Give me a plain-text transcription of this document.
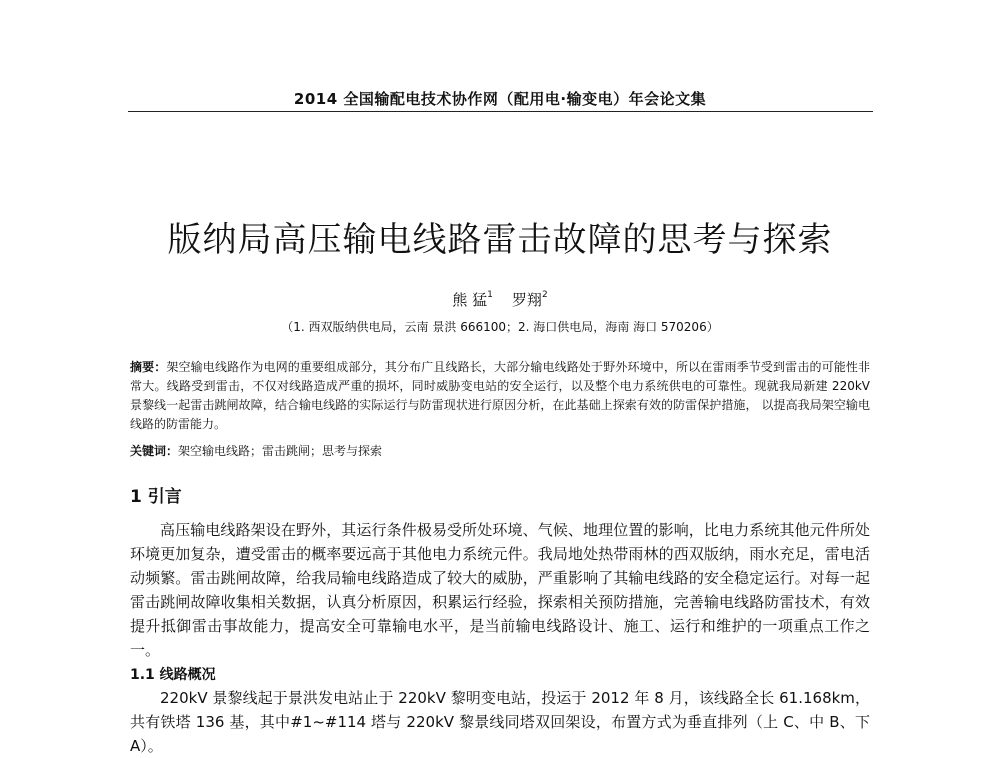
2014 全国输配电技术协作网（配用电·输变电）年会论文集
版纳局高压输电线路雷击故障的思考与探索
熊 猛$^1$ 罗翔$^2$
（1. 西双版纳供电局，云南 景洪 666100；2. 海口供电局，海南 海口 570206）
摘要：架空输电线路作为电网的重要组成部分，其分布广且线路长，大部分输电线路处于野外环境中，所以在雷雨季节受到雷击的可能性非常大。线路受到雷击，不仅对线路造成严重的损坏，同时威胁变电站的安全运行，以及整个电力系统供电的可靠性。现就我局新建 220kV 景黎线一起雷击跳闸故障，结合输电线路的实际运行与防雷现状进行原因分析，在此基础上探索有效的防雷保护措施， 以提高我局架空输电线路的防雷能力。
关键词：架空输电线路；雷击跳闸；思考与探索
1 引言
高压输电线路架设在野外，其运行条件极易受所处环境、气候、地理位置的影响，比电力系统其他元件所处环境更加复杂，遭受雷击的概率要远高于其他电力系统元件。我局地处热带雨林的西双版纳，雨水充足，雷电活动频繁。雷击跳闸故障，给我局输电线路造成了较大的威胁，严重影响了其输电线路的安全稳定运行。对每一起雷击跳闸故障收集相关数据，认真分析原因，积累运行经验，探索相关预防措施，完善输电线路防雷技术，有效提升抵御雷击事故能力，提高安全可靠输电水平，是当前输电线路设计、施工、运行和维护的一项重点工作之一。
1.1 线路概况
220kV 景黎线起于景洪发电站止于 220kV 黎明变电站，投运于 2012 年 8 月，该线路全长 61.168km，共有铁塔 136 基，其中#1~#114 塔与 220kV 黎景线同塔双回架设，布置方式为垂直排列（上 C、中 B、下 A）。
